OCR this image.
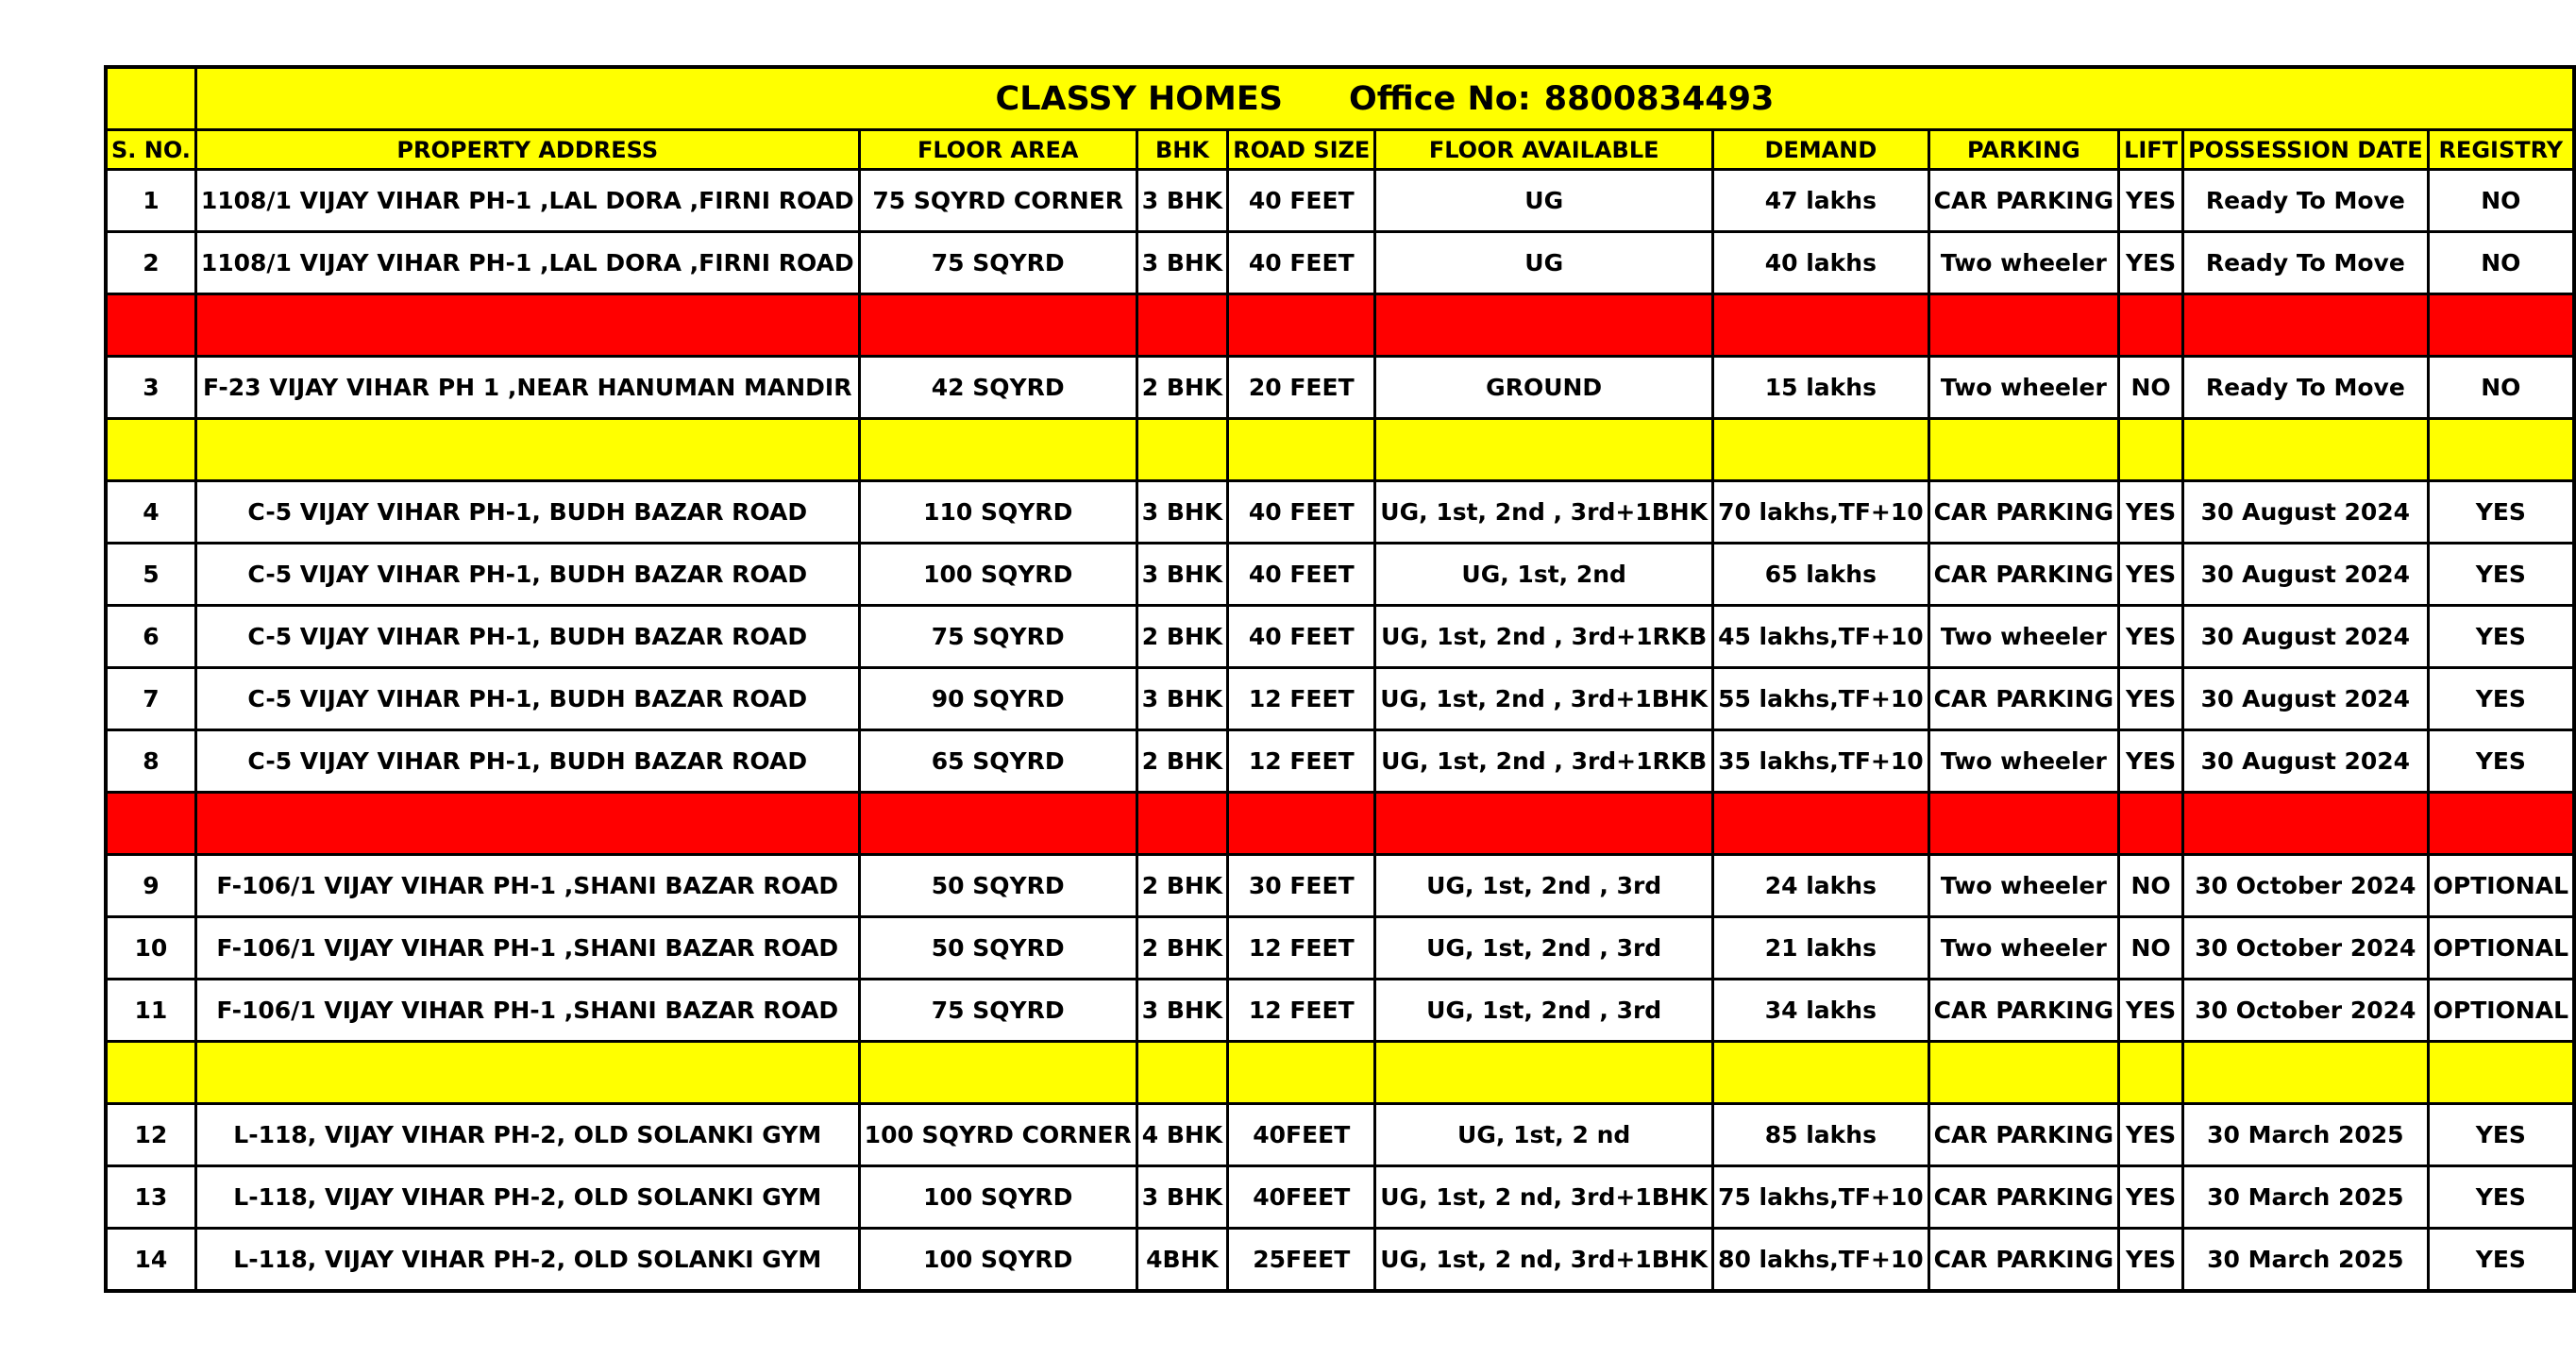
	CLASSY HOMES Office No: 8800834493									
S. NO.	PROPERTY ADDRESS	FLOOR AREA	BHK	ROAD SIZE	FLOOR AVAILABLE	DEMAND	PARKING	LIFT	POSSESSION DATE	REGISTRY
1	1108/1 VIJAY VIHAR PH-1 ,LAL DORA ,FIRNI ROAD	75 SQYRD CORNER	3 BHK	40 FEET	UG	47 lakhs	CAR PARKING	YES	Ready To Move	NO
2	1108/1 VIJAY VIHAR PH-1 ,LAL DORA ,FIRNI ROAD	75 SQYRD	3 BHK	40 FEET	UG	40 lakhs	Two wheeler	YES	Ready To Move	NO

3	F-23 VIJAY VIHAR PH 1 ,NEAR HANUMAN MANDIR	42 SQYRD	2 BHK	20 FEET	GROUND	15 lakhs	Two wheeler	NO	Ready To Move	NO

4	C-5 VIJAY VIHAR PH-1, BUDH BAZAR ROAD	110 SQYRD	3 BHK	40 FEET	UG, 1st, 2nd , 3rd+1BHK	70 lakhs,TF+10	CAR PARKING	YES	30 August 2024	YES
5	C-5 VIJAY VIHAR PH-1, BUDH BAZAR ROAD	100 SQYRD	3 BHK	40 FEET	UG, 1st, 2nd	65 lakhs	CAR PARKING	YES	30 August 2024	YES
6	C-5 VIJAY VIHAR PH-1, BUDH BAZAR ROAD	75 SQYRD	2 BHK	40 FEET	UG, 1st, 2nd , 3rd+1RKB	45 lakhs,TF+10	Two wheeler	YES	30 August 2024	YES
7	C-5 VIJAY VIHAR PH-1, BUDH BAZAR ROAD	90 SQYRD	3 BHK	12 FEET	UG, 1st, 2nd , 3rd+1BHK	55 lakhs,TF+10	CAR PARKING	YES	30 August 2024	YES
8	C-5 VIJAY VIHAR PH-1, BUDH BAZAR ROAD	65 SQYRD	2 BHK	12 FEET	UG, 1st, 2nd , 3rd+1RKB	35 lakhs,TF+10	Two wheeler	YES	30 August 2024	YES

9	F-106/1 VIJAY VIHAR PH-1 ,SHANI BAZAR ROAD	50 SQYRD	2 BHK	30 FEET	UG, 1st, 2nd , 3rd	24 lakhs	Two wheeler	NO	30 October 2024	OPTIONAL
10	F-106/1 VIJAY VIHAR PH-1 ,SHANI BAZAR ROAD	50 SQYRD	2 BHK	12 FEET	UG, 1st, 2nd , 3rd	21 lakhs	Two wheeler	NO	30 October 2024	OPTIONAL
11	F-106/1 VIJAY VIHAR PH-1 ,SHANI BAZAR ROAD	75 SQYRD	3 BHK	12 FEET	UG, 1st, 2nd , 3rd	34 lakhs	CAR PARKING	YES	30 October 2024	OPTIONAL

12	L-118, VIJAY VIHAR PH-2, OLD SOLANKI GYM	100 SQYRD CORNER	4 BHK	40FEET	UG, 1st, 2 nd	85 lakhs	CAR PARKING	YES	30 March 2025	YES
13	L-118, VIJAY VIHAR PH-2, OLD SOLANKI GYM	100 SQYRD	3 BHK	40FEET	UG, 1st, 2 nd, 3rd+1BHK	75 lakhs,TF+10	CAR PARKING	YES	30 March 2025	YES
14	L-118, VIJAY VIHAR PH-2, OLD SOLANKI GYM	100 SQYRD	4BHK	25FEET	UG, 1st, 2 nd, 3rd+1BHK	80 lakhs,TF+10	CAR PARKING	YES	30 March 2025	YES
